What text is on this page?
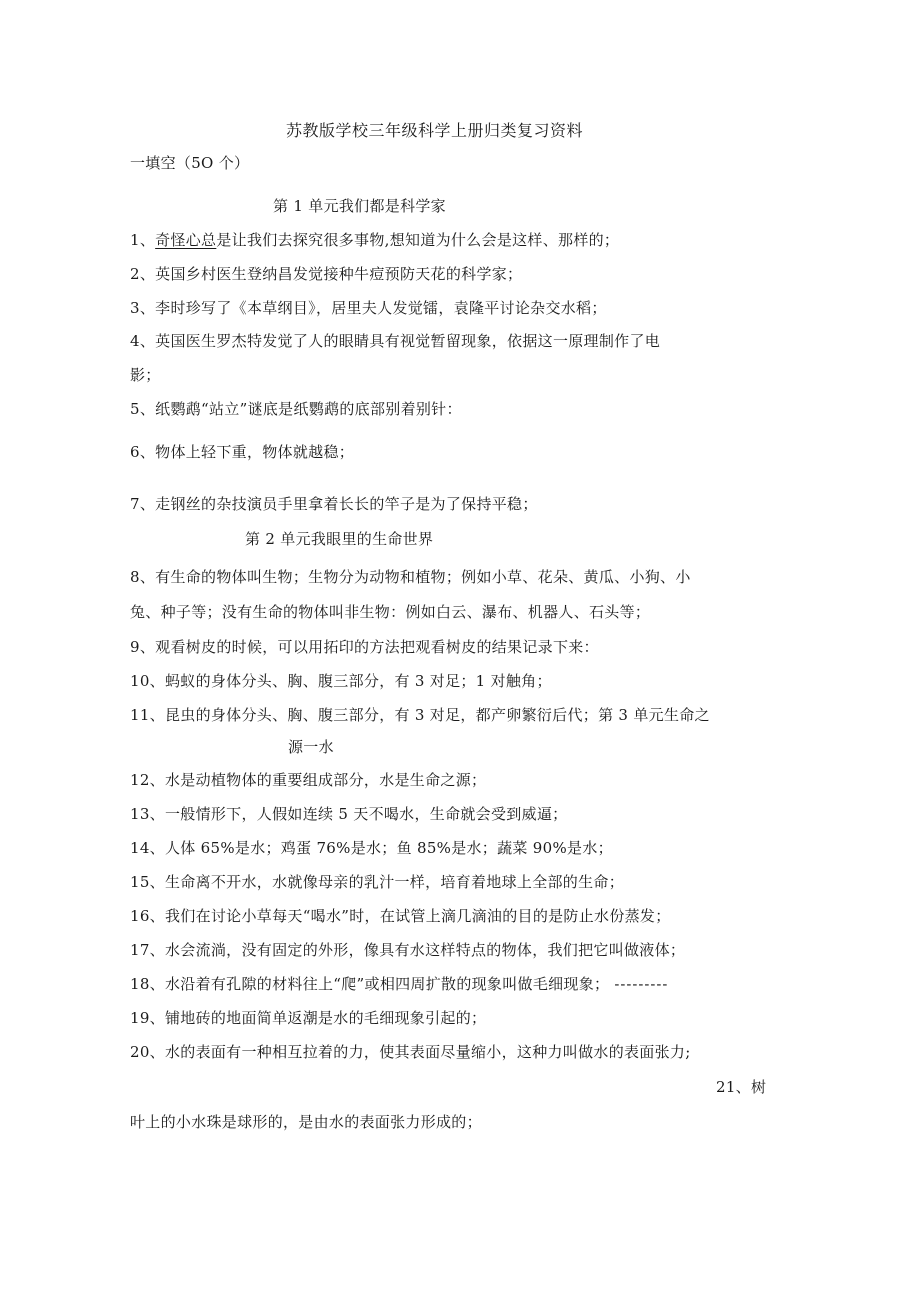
苏教版学校三年级科学上册归类复习资料
一填空（5O 个）
第 1 单元我们都是科学家
1、奇怪心总是让我们去探究很多事物,想知道为什么会是这样、那样的；
2、英国乡村医生登纳昌发觉接种牛痘预防天花的科学家；
3、李时珍写了《本草纲目》，居里夫人发觉镭，袁隆平讨论杂交水稻；
4、英国医生罗杰特发觉了人的眼睛具有视觉暂留现象，依据这一原理制作了电
影；
5、纸鹦鹉“站立”谜底是纸鹦鹉的底部别着别针：
6、物体上轻下重，物体就越稳；
7、走钢丝的杂技演员手里拿着长长的竿子是为了保持平稳；
第 2 单元我眼里的生命世界
8、有生命的物体叫生物；生物分为动物和植物；例如小草、花朵、黄瓜、小狗、小
兔、种子等；没有生命的物体叫非生物：例如白云、瀑布、机器人、石头等；
9、观看树皮的时候，可以用拓印的方法把观看树皮的结果记录下来：
10、蚂蚁的身体分头、胸、腹三部分，有 3 对足；1 对触角；
11、昆虫的身体分头、胸、腹三部分，有 3 对足，都产卵繁衍后代；第 3 单元生命之
源一水
12、水是动植物体的重要组成部分，水是生命之源；
13、一般情形下，人假如连续 5 天不喝水，生命就会受到威逼；
14、人体 65%是水；鸡蛋 76%是水；鱼 85%是水；蔬菜 90%是水；
15、生命离不开水，水就像母亲的乳汁一样，培育着地球上全部的生命；
16、我们在讨论小草每天“喝水”时，在试管上滴几滴油的目的是防止水份蒸发；
17、水会流淌，没有固定的外形，像具有水这样特点的物体，我们把它叫做液体；
18、水沿着有孔隙的材料往上“爬”或相四周扩散的现象叫做毛细现象； ---------
19、铺地砖的地面简单返潮是水的毛细现象引起的；
20、水的表面有一种相互拉着的力，使其表面尽量缩小，这种力叫做水的表面张力;
21、树
叶上的小水珠是球形的，是由水的表面张力形成的；
